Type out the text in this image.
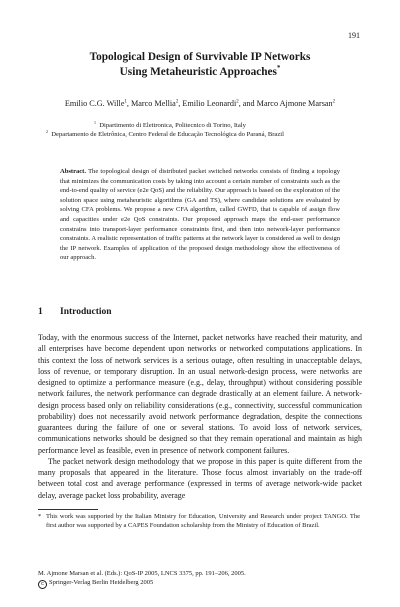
191
Topological Design of Survivable IP Networks
Using Metaheuristic Approaches*
Emilio C.G. Wille$^1$, Marco Mellia$^2$, Emilio Leonardi$^2$, and Marco Ajmone Marsan$^2$
$^1$ Dipartimento di Elettronica, Politecnico di Torino, Italy
$^2$ Departamento de Eletrônica, Centro Federal de Educação Tecnológica do Paraná, Brazil
Abstract. The topological design of distributed packet switched networks consists of finding a topology that minimizes the communication costs by taking into account a certain number of constraints such as the end-to-end quality of service (e2e QoS) and the reliability. Our approach is based on the exploration of the solution space using metaheuristic algorithms (GA and TS), where candidate solutions are evaluated by solving CFA problems. We propose a new CFA algorithm, called GWFD, that is capable of assign flow and capacities under e2e QoS constraints. Our proposed approach maps the end-user performance constrains into transport-layer performance constraints first, and then into network-layer performance constraints. A realistic representation of traffic patterns at the network layer is considered as well to design the IP network. Examples of application of the proposed design methodology show the effectiveness of our approach.
1 Introduction

Today, with the enormous success of the Internet, packet networks have reached their maturity, and all enterprises have become dependent upon networks or networked computations applications. In this context the loss of network services is a serious outage, often resulting in unacceptable delays, loss of revenue, or temporary disruption. In an usual network-design process, were networks are designed to optimize a performance measure (e.g., delay, throughput) without considering possible network failures, the network performance can degrade drastically at an element failure. A network-design process based only on reliability considerations (e.g., connectivity, successful communication probability) does not necessarily avoid network performance degradation, despite the connections guarantees during the failure of one or several stations. To avoid loss of network services, communications networks should be designed so that they remain operational and maintain as high performance level as feasible, even in presence of network component failures.

The packet network design methodology that we propose in this paper is quite different from the many proposals that appeared in the literature. Those focus almost invariably on the trade-off between total cost and average performance (expressed in terms of average network-wide packet delay, average packet loss probability, average

* This work was supported by the Italian Ministry for Education, University and Research under project TANGO. The first author was supported by a CAPES Foundation scholarship from the Ministry of Education of Brazil.
M. Ajmone Marsan et al. (Eds.): QoS-IP 2005, LNCS 3375, pp. 191–206, 2005.
c Springer-Verlag Berlin Heidelberg 2005
